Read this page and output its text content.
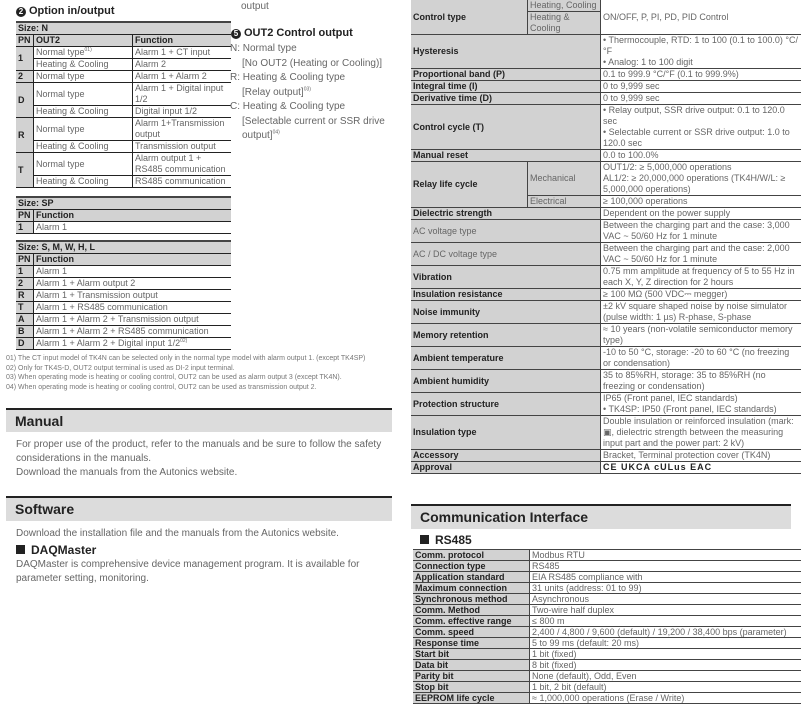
2 Option in/output
Size: N		
PN	OUT2	Function
1	Normal type$^{01)}$	Alarm 1 + CT input
	Heating & Cooling	Alarm 2
2	Normal type	Alarm 1 + Alarm 2
D	Normal type	Alarm 1 + Digital input 1/2
	Heating & Cooling	Digital input 1/2
R	Normal type	Alarm 1+Transmission output
	Heating & Cooling	Transmission output
T	Normal type	Alarm output 1 + RS485 communication
	Heating & Cooling	RS485 communication
output
5 OUT2 Control output
N: Normal type
[No OUT2 (Heating or Cooling)]
R: Heating & Cooling type
[Relay output]$^{03)}$
C: Heating & Cooling type
[Selectable current or SSR drive
output]$^{04)}$
Size: SP	
PN	Function
1	Alarm 1
Size: S, M, W, H, L	
PN	Function
1	Alarm 1
2	Alarm 1 + Alarm output 2
R	Alarm 1 + Transmission output
T	Alarm 1 + RS485 communication
A	Alarm 1 + Alarm 2 + Transmission output
B	Alarm 1 + Alarm 2 + RS485 communication
D	Alarm 1 + Alarm 2 + Digital input 1/2$^{02)}$
01) The CT input model of TK4N can be selected only in the normal type model with alarm output 1. (except TK4SP)
02) Only for TK4S-D, OUT2 output terminal is used as DI-2 input terminal.
03) When operating mode is heating or cooling control, OUT2 can be used as alarm output 3 (except TK4N).
04) When operating mode is heating or cooling control, OUT2 can be used as transmission output 2.
Manual
For proper use of the product, refer to the manuals and be sure to follow the safety considerations in the manuals.
Download the manuals from the Autonics website.
Software
Download the installation file and the manuals from the Autonics website.
DAQMaster
DAQMaster is comprehensive device management program. It is available for parameter setting, monitoring.
Control type	Heating, Cooling	ON/OFF, P, PI, PD, PID Control
	Heating & Cooling	
Hysteresis		• Thermocouple, RTD: 1 to 100 (0.1 to 100.0) °C/°F
• Analog: 1 to 100 digit

Proportional band (P)		0.1 to 999.9 °C/°F (0.1 to 999.9%)
Integral time (I)		0 to 9,999 sec
Derivative time (D)		0 to 9,999 sec
Control cycle (T)		• Relay output, SSR drive output: 0.1 to 120.0 sec
• Selectable current or SSR drive output: 1.0 to 120.0 sec

Manual reset		0.0 to 100.0%
Relay life cycle	Mechanical	OUT1/2: ≥ 5,000,000 operations
AL1/2: ≥ 20,000,000 operations (TK4H/W/L: ≥ 5,000,000 operations)

	Electrical	≥ 100,000 operations
Dielectric strength		Dependent on the power supply
AC voltage type		Between the charging part and the case: 3,000 VAC ~ 50/60 Hz for 1 minute
AC / DC voltage type		Between the charging part and the case: 2,000 VAC ~ 50/60 Hz for 1 minute
Vibration		0.75 mm amplitude at frequency of 5 to 55 Hz in each X, Y, Z direction for 2 hours
Insulation resistance		≥ 100 MΩ (500 VDC⎓ megger)
Noise immunity		±2 kV square shaped noise by noise simulator (pulse width: 1 µs) R-phase, S-phase
Memory retention		≈ 10 years (non-volatile semiconductor memory type)
Ambient temperature		-10 to 50 °C, storage: -20 to 60 °C (no freezing or condensation)
Ambient humidity		35 to 85%RH, storage: 35 to 85%RH (no freezing or condensation)
Protection structure		IP65 (Front panel, IEC standards)
• TK4SP: IP50 (Front panel, IEC standards)

Insulation type		Double insulation or reinforced insulation (mark: ▣, dielectric strength between the measuring input part and the power part: 2 kV)
Accessory		Bracket, Terminal protection cover (TK4N)
Approval		CE UKCA cULus EAC
Communication Interface
RS485
Comm. protocol	Modbus RTU
Connection type	RS485
Application standard	EIA RS485 compliance with
Maximum connection	31 units (address: 01 to 99)
Synchronous method	Asynchronous
Comm. Method	Two-wire half duplex
Comm. effective range	≤ 800 m
Comm. speed	2,400 / 4,800 / 9,600 (default) / 19,200 / 38,400 bps (parameter)
Response time	5 to 99 ms (default: 20 ms)
Start bit	1 bit (fixed)
Data bit	8 bit (fixed)
Parity bit	None (default), Odd, Even
Stop bit	1 bit, 2 bit (default)
EEPROM life cycle	≈ 1,000,000 operations (Erase / Write)
